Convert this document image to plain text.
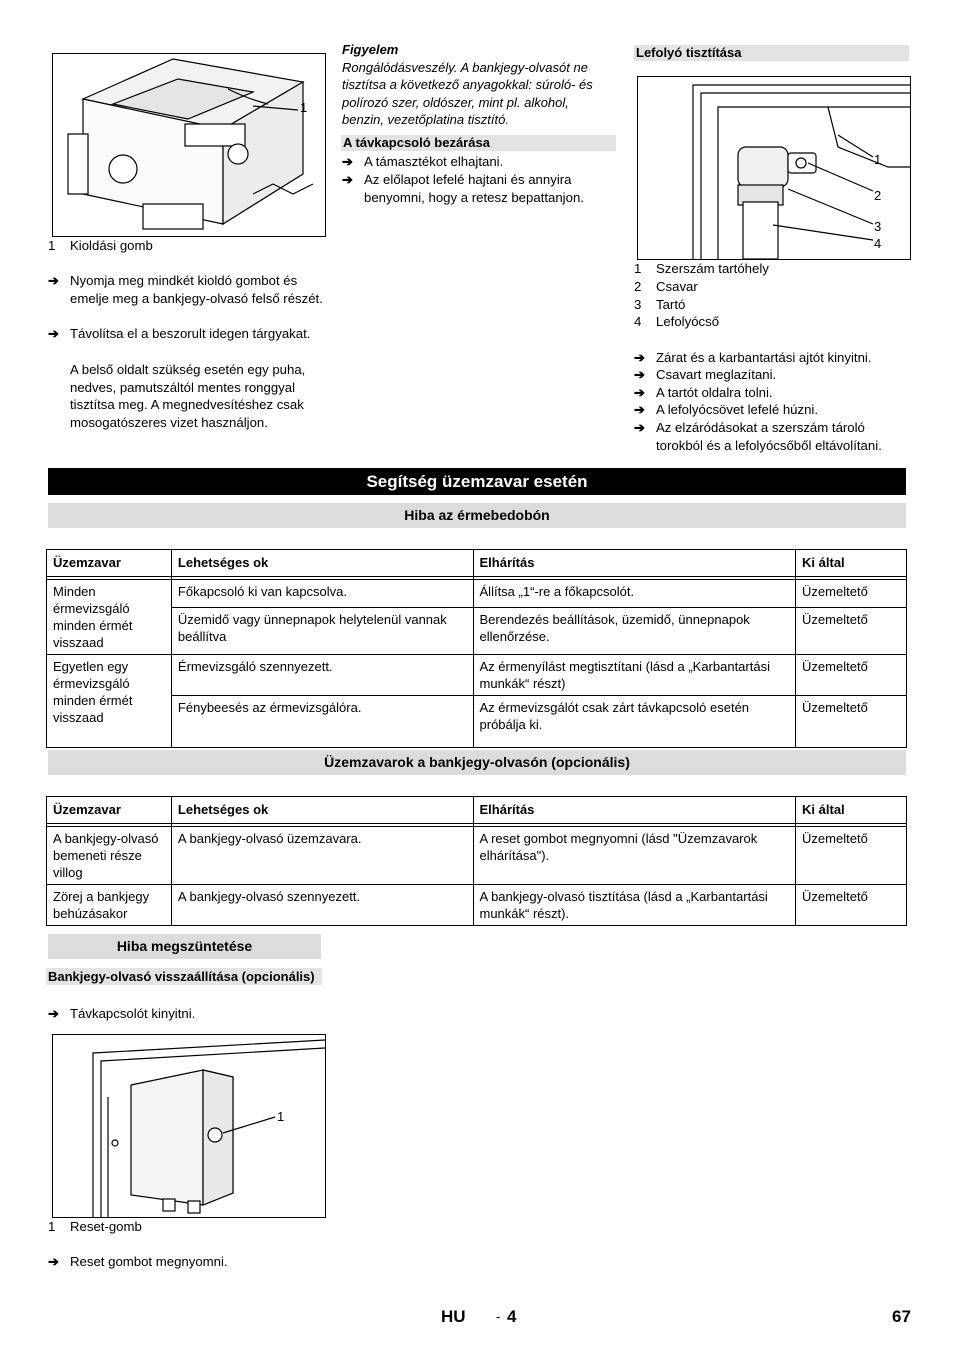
1
1 Kioldási gomb
➔ Nyomja meg mindkét kioldó gombot és emelje meg a bankjegy-olvasó felső részét.
➔ Távolítsa el a beszorult idegen tárgyakat.
A belső oldalt szükség esetén egy puha, nedves, pamutszáltól mentes ronggyal tisztítsa meg. A megnedvesítéshez csak mosogatószeres vizet használjon.
Figyelem
Rongálódásveszély. A bankjegy-olvasót ne tisztítsa a következő anyagokkal: súroló- és polírozó szer, oldószer, mint pl. alkohol, benzin, vezetőplatina tisztító.
A távkapcsoló bezárása
➔ A támasztékot elhajtani.
➔ Az előlapot lefelé hajtani és annyira benyomni, hogy a retesz bepattanjon.
Lefolyó tisztítása
1
2
3
4
1 Szerszám tartóhely
2 Csavar
3 Tartó
4 Lefolyócső
➔ Zárat és a karbantartási ajtót kinyitni.
➔ Csavart meglazítani.
➔ A tartót oldalra tolni.
➔ A lefolyócsövet lefelé húzni.
➔ Az elzáródásokat a szerszám tároló torokból és a lefolyócsőből eltávolítani.
Segítség üzemzavar esetén
Hiba az érmebedobón
Üzemzavar	Lehetséges ok	Elhárítás	Ki által

Minden érmevizsgáló minden érmét visszaad	Főkapcsoló ki van kapcsolva.	Állítsa „1“-re a főkapcsolót.	Üzemeltető
	Üzemidő vagy ünnepnapok helytelenül vannak beállítva	Berendezés beállítások, üzemidő, ünnepnapok ellenőrzése.	Üzemeltető
Egyetlen egy érmevizsgáló minden érmét visszaad	Érmevizsgáló szennyezett.	Az érmenyílást megtisztítani (lásd a „Karbantartási munkák“ részt)	Üzemeltető
	Fénybeesés az érmevizsgálóra.	Az érmevizsgálót csak zárt távkapcsoló esetén próbálja ki.	Üzemeltető
Üzemzavarok a bankjegy-olvasón (opcionális)
Üzemzavar	Lehetséges ok	Elhárítás	Ki által

A bankjegy-olvasó bemeneti része villog	A bankjegy-olvasó üzemzavara.	A reset gombot megnyomni (lásd "Üzemzavarok elhárítása").	Üzemeltető
Zörej a bankjegy behúzásakor	A bankjegy-olvasó szennyezett.	A bankjegy-olvasó tisztítása (lásd a „Karbantartási munkák“ részt).	Üzemeltető
Hiba megszüntetése
Bankjegy-olvasó visszaállítása (opcionális)
➔ Távkapcsolót kinyitni.
1
1 Reset-gomb
➔ Reset gombot megnyomni.
HU - 4	67
